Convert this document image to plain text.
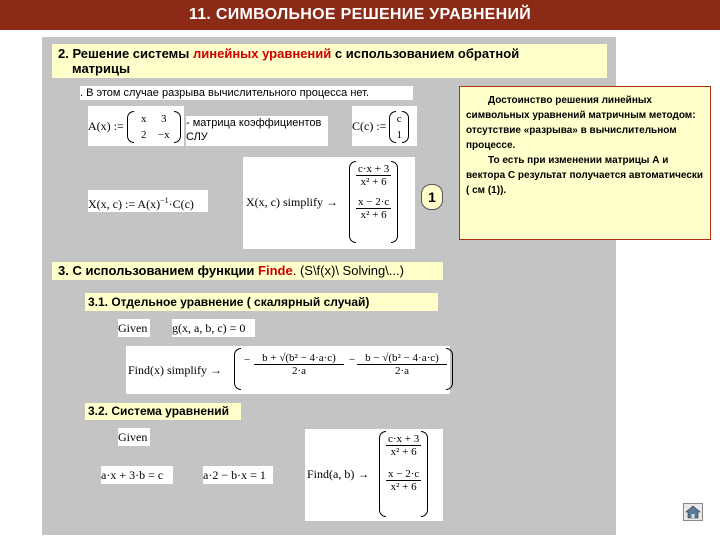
11. СИМВОЛЬНОЕ РЕШЕНИЕ УРАВНЕНИЙ
2. Решение системы линейных уравнений с использованием обратной
матрицы
. В этом случае разрыва вычислительного процесса нет.
A(x) :=	x 3
2 −x
- матрица коэффициентов
СЛУ
C(c) := c
1
X(x, c) := $A(x)^{-1}\cdot C(c)$	X(x, c) simplify →
c·x + 3
x² + 6
x − 2·c
x² + 6
1

Достоинство решения линейных символьных уравнений матричным методом: отсутствие «разрыва» в вычислительном процессе.

То есть при изменении матрицы А и вектора С результат получается автоматически ( см (1)).

3. С использованием функции Finde. (S\f(x)\ Solving\...)
3.1. Отдельное уравнение ( скалярный случай)
Given g(x, a, b, c) = 0
Find(x) simplify →
− $\frac{\text{b + √(b² − 4·a·c)}}{2\cdot a} - \frac{\text{b − √(b² − 4·a·c)}}{2\cdot a}$
3.2. Система уравнений
Given
a·x + 3·b = c	a·2 − b·x = 1	Find(a, b) →
c·x + 3
x² + 6
x − 2·c
x² + 6
